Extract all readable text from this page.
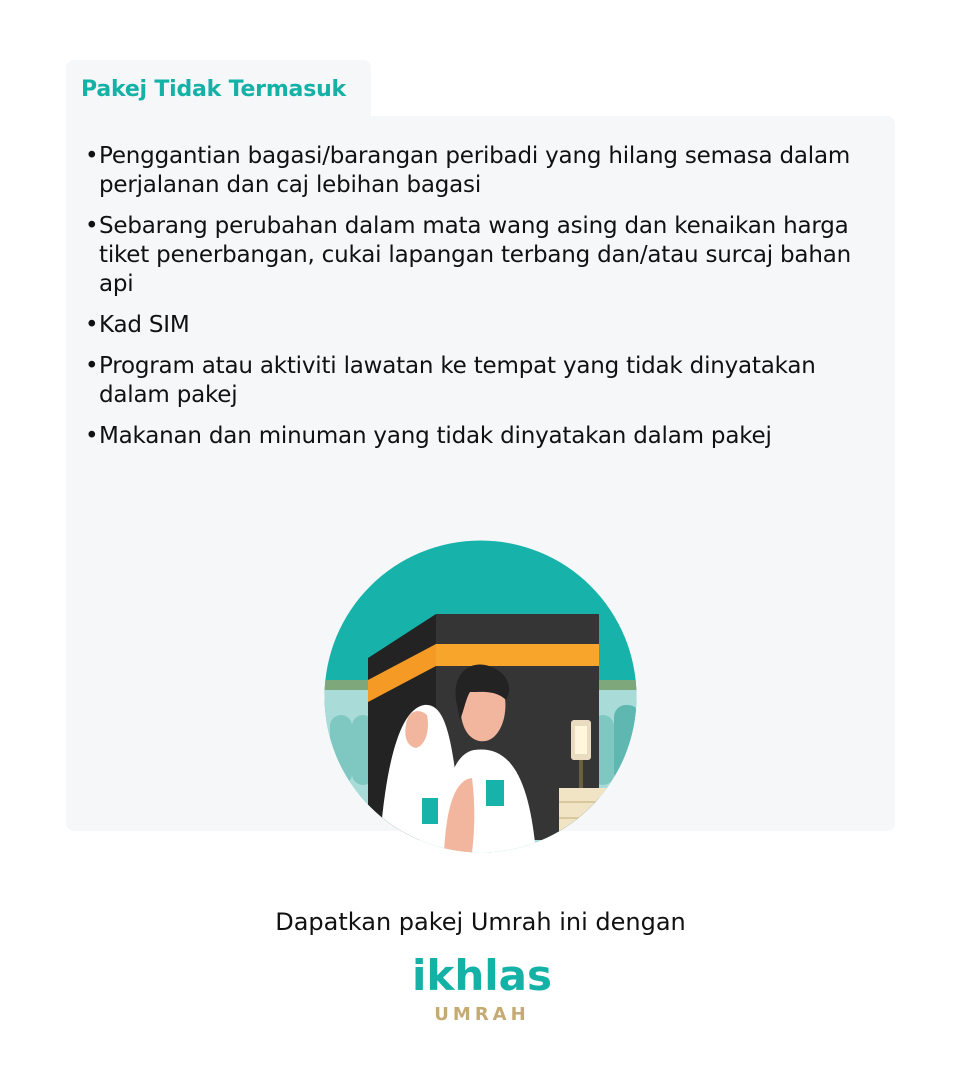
Pakej Tidak Termasuk
• Penggantian bagasi/barangan peribadi yang hilang semasa dalam perjalanan dan caj lebihan bagasi
• Sebarang perubahan dalam mata wang asing dan kenaikan harga tiket penerbangan, cukai lapangan terbang dan/atau surcaj bahan api
• Kad SIM
• Program atau aktiviti lawatan ke tempat yang tidak dinyatakan dalam pakej
• Makanan dan minuman yang tidak dinyatakan dalam pakej
Dapatkan pakej Umrah ini dengan
ikhlas
UMRAH
